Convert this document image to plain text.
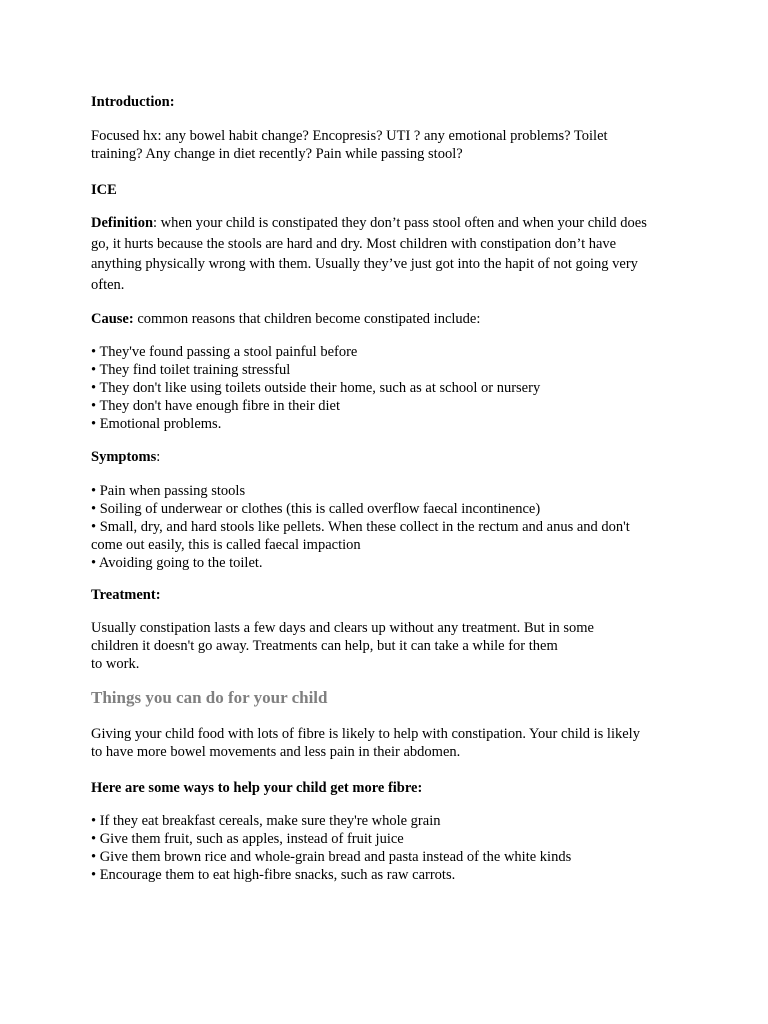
Introduction:
Focused hx: any bowel habit change? Encopresis? UTI ? any emotional problems? Toilet
training? Any change in diet recently? Pain while passing stool?
ICE
Definition: when your child is constipated they don’t pass stool often and when your child does
go, it hurts because the stools are hard and dry. Most children with constipation don’t have
anything physically wrong with them. Usually they’ve just got into the hapit of not going very
often.
Cause: common reasons that children become constipated include:
• They've found passing a stool painful before
• They find toilet training stressful
• They don't like using toilets outside their home, such as at school or nursery
• They don't have enough fibre in their diet
• Emotional problems.
Symptoms:
• Pain when passing stools
• Soiling of underwear or clothes (this is called overflow faecal incontinence)
• Small, dry, and hard stools like pellets. When these collect in the rectum and anus and don't
come out easily, this is called faecal impaction
• Avoiding going to the toilet.
Treatment:
Usually constipation lasts a few days and clears up without any treatment. But in some
children it doesn't go away. Treatments can help, but it can take a while for them
to work.
Things you can do for your child
Giving your child food with lots of fibre is likely to help with constipation. Your child is likely
to have more bowel movements and less pain in their abdomen.
Here are some ways to help your child get more fibre:
• If they eat breakfast cereals, make sure they're whole grain
• Give them fruit, such as apples, instead of fruit juice
• Give them brown rice and whole-grain bread and pasta instead of the white kinds
• Encourage them to eat high-fibre snacks, such as raw carrots.
